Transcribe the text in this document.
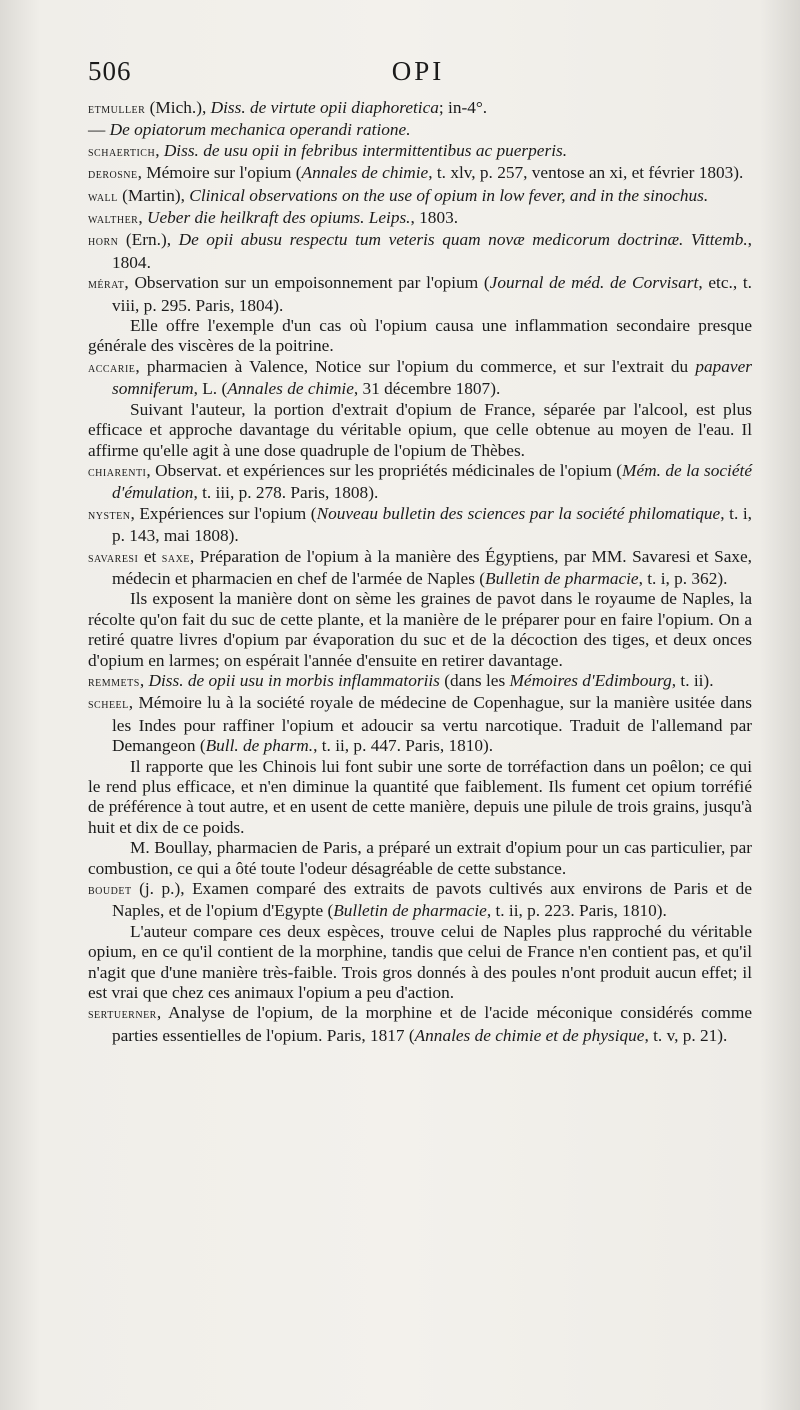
506	OPI

etmuller (Mich.), Diss. de virtute opii diaphoretica; in-4°.

— De opiatorum mechanica operandi ratione.

schaertich, Diss. de usu opii in febribus intermittentibus ac puerperis.

derosne, Mémoire sur l'opium (Annales de chimie, t. xlv, p. 257, ventose an xi, et février 1803).

wall (Martin), Clinical observations on the use of opium in low fever, and in the sinochus.

walther, Ueber die heilkraft des opiums. Leips., 1803.

horn (Ern.), De opii abusu respectu tum veteris quam novæ medicorum doctrinæ. Vittemb., 1804.

mérat, Observation sur un empoisonnement par l'opium (Journal de méd. de Corvisart, etc., t. viii, p. 295. Paris, 1804).

Elle offre l'exemple d'un cas où l'opium causa une inflammation secondaire presque générale des viscères de la poitrine.

accarie, pharmacien à Valence, Notice sur l'opium du commerce, et sur l'extrait du papaver somniferum, L. (Annales de chimie, 31 décembre 1807).

Suivant l'auteur, la portion d'extrait d'opium de France, séparée par l'alcool, est plus efficace et approche davantage du véritable opium, que celle obtenue au moyen de l'eau. Il affirme qu'elle agit à une dose quadruple de l'opium de Thèbes.

chiarenti, Observat. et expériences sur les propriétés médicinales de l'opium (Mém. de la société d'émulation, t. iii, p. 278. Paris, 1808).

nysten, Expériences sur l'opium (Nouveau bulletin des sciences par la société philomatique, t. i, p. 143, mai 1808).

savaresi et saxe, Préparation de l'opium à la manière des Égyptiens, par MM. Savaresi et Saxe, médecin et pharmacien en chef de l'armée de Naples (Bulletin de pharmacie, t. i, p. 362).

Ils exposent la manière dont on sème les graines de pavot dans le royaume de Naples, la récolte qu'on fait du suc de cette plante, et la manière de le préparer pour en faire l'opium. On a retiré quatre livres d'opium par évaporation du suc et de la décoction des tiges, et deux onces d'opium en larmes; on espérait l'année d'ensuite en retirer davantage.

remmets, Diss. de opii usu in morbis inflammatoriis (dans les Mémoires d'Edimbourg, t. ii).

scheel, Mémoire lu à la société royale de médecine de Copenhague, sur la manière usitée dans les Indes pour raffiner l'opium et adoucir sa vertu narcotique. Traduit de l'allemand par Demangeon (Bull. de pharm., t. ii, p. 447. Paris, 1810).

Il rapporte que les Chinois lui font subir une sorte de torréfaction dans un poêlon; ce qui le rend plus efficace, et n'en diminue la quantité que faiblement. Ils fument cet opium torréfié de préférence à tout autre, et en usent de cette manière, depuis une pilule de trois grains, jusqu'à huit et dix de ce poids.

M. Boullay, pharmacien de Paris, a préparé un extrait d'opium pour un cas particulier, par combustion, ce qui a ôté toute l'odeur désagréable de cette substance.

boudet (j. p.), Examen comparé des extraits de pavots cultivés aux environs de Paris et de Naples, et de l'opium d'Egypte (Bulletin de pharmacie, t. ii, p. 223. Paris, 1810).

L'auteur compare ces deux espèces, trouve celui de Naples plus rapproché du véritable opium, en ce qu'il contient de la morphine, tandis que celui de France n'en contient pas, et qu'il n'agit que d'une manière très-faible. Trois gros donnés à des poules n'ont produit aucun effet; il est vrai que chez ces animaux l'opium a peu d'action.

sertuerner, Analyse de l'opium, de la morphine et de l'acide méconique considérés comme parties essentielles de l'opium. Paris, 1817 (Annales de chimie et de physique, t. v, p. 21).
